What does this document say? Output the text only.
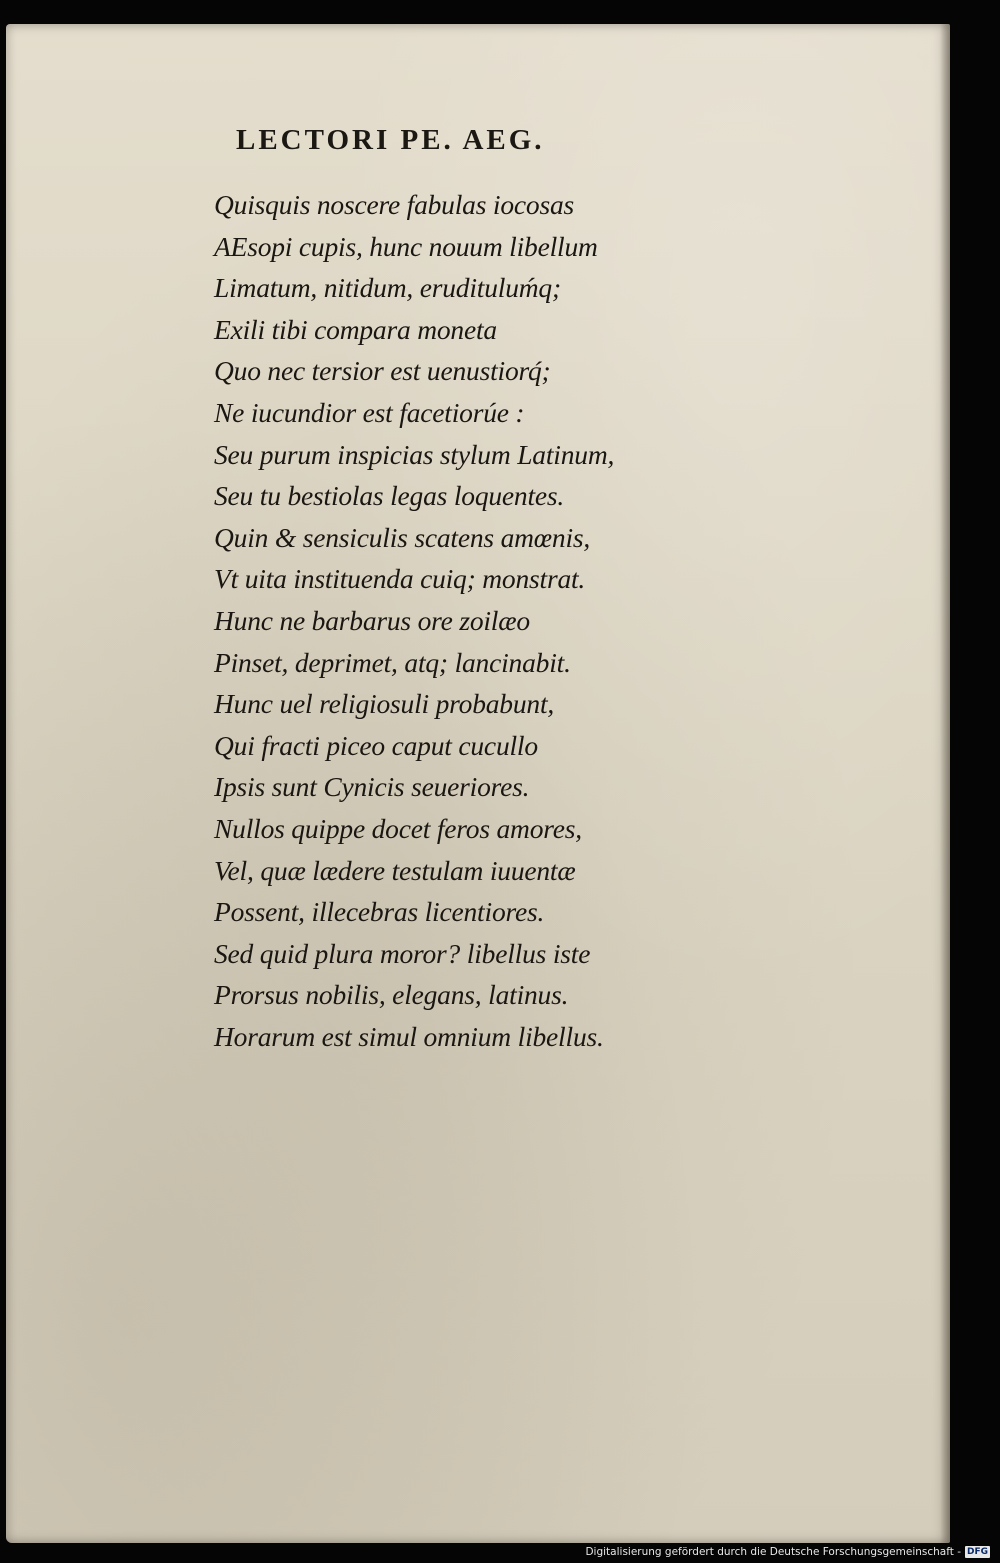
LECTORI PE. AEG.
Quisquis noscere fabulas iocosas
AEsopi cupis, hunc nouum libellum
Limatum, nitidum, erudituluḿq;
Exili tibi compara moneta
Quo nec tersior est uenustiorq́;
Ne iucundior est facetiorúe :
Seu purum inspicias stylum Latinum,
Seu tu bestiolas legas loquentes.
Quin & sensiculis scatens amœnis,
Vt uita instituenda cuiq; monstrat.
Hunc ne barbarus ore zoilæo
Pinset, deprimet, atq; lancinabit.
Hunc uel religiosuli probabunt,
Qui fracti piceo caput cucullo
Ipsis sunt Cynicis seueriores.
Nullos quippe docet feros amores,
Vel, quæ lædere testulam iuuentæ
Possent, illecebras licentiores.
Sed quid plura moror? libellus iste
Prorsus nobilis, elegans, latinus.
Horarum est simul omnium libellus.
Digitalisierung gefördert durch die Deutsche Forschungsgemeinschaft - DFG
